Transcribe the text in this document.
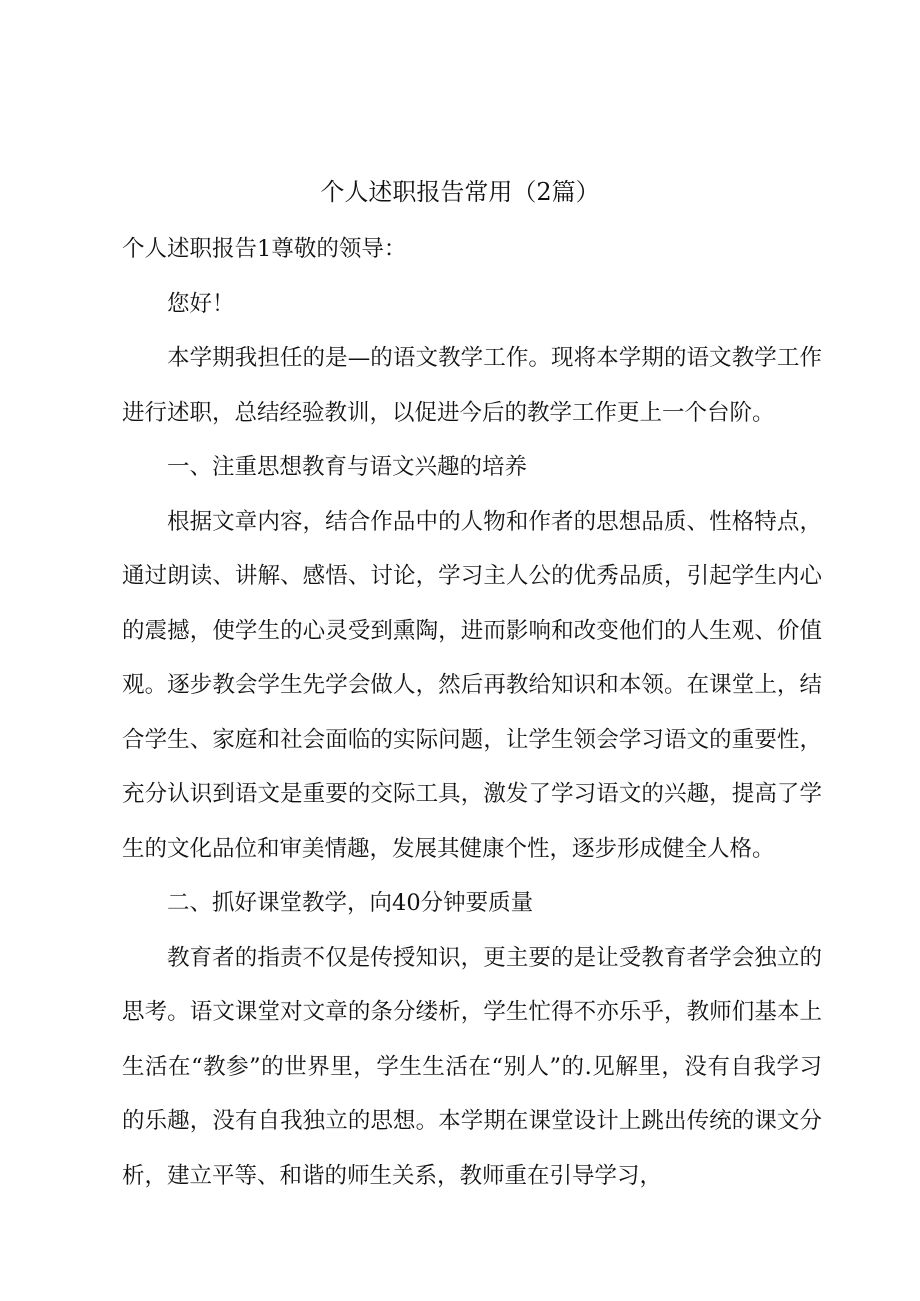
个人述职报告常用（2篇）

个人述职报告1尊敬的领导：

您好！

本学期我担任的是—的语文教学工作。现将本学期的语文教学工作进行述职，总结经验教训，以促进今后的教学工作更上一个台阶。

一、注重思想教育与语文兴趣的培养

根据文章内容，结合作品中的人物和作者的思想品质、性格特点，通过朗读、讲解、感悟、讨论，学习主人公的优秀品质，引起学生内心的震撼，使学生的心灵受到熏陶，进而影响和改变他们的人生观、价值观。逐步教会学生先学会做人，然后再教给知识和本领。在课堂上，结合学生、家庭和社会面临的实际问题，让学生领会学习语文的重要性，充分认识到语文是重要的交际工具，激发了学习语文的兴趣，提高了学生的文化品位和审美情趣，发展其健康个性，逐步形成健全人格。

二、抓好课堂教学，向40分钟要质量

教育者的指责不仅是传授知识，更主要的是让受教育者学会独立的思考。语文课堂对文章的条分缕析，学生忙得不亦乐乎，教师们基本上生活在“教参”的世界里，学生生活在“别人”的.见解里，没有自我学习的乐趣，没有自我独立的思想。本学期在课堂设计上跳出传统的课文分析，建立平等、和谐的师生关系，教师重在引导学习，
